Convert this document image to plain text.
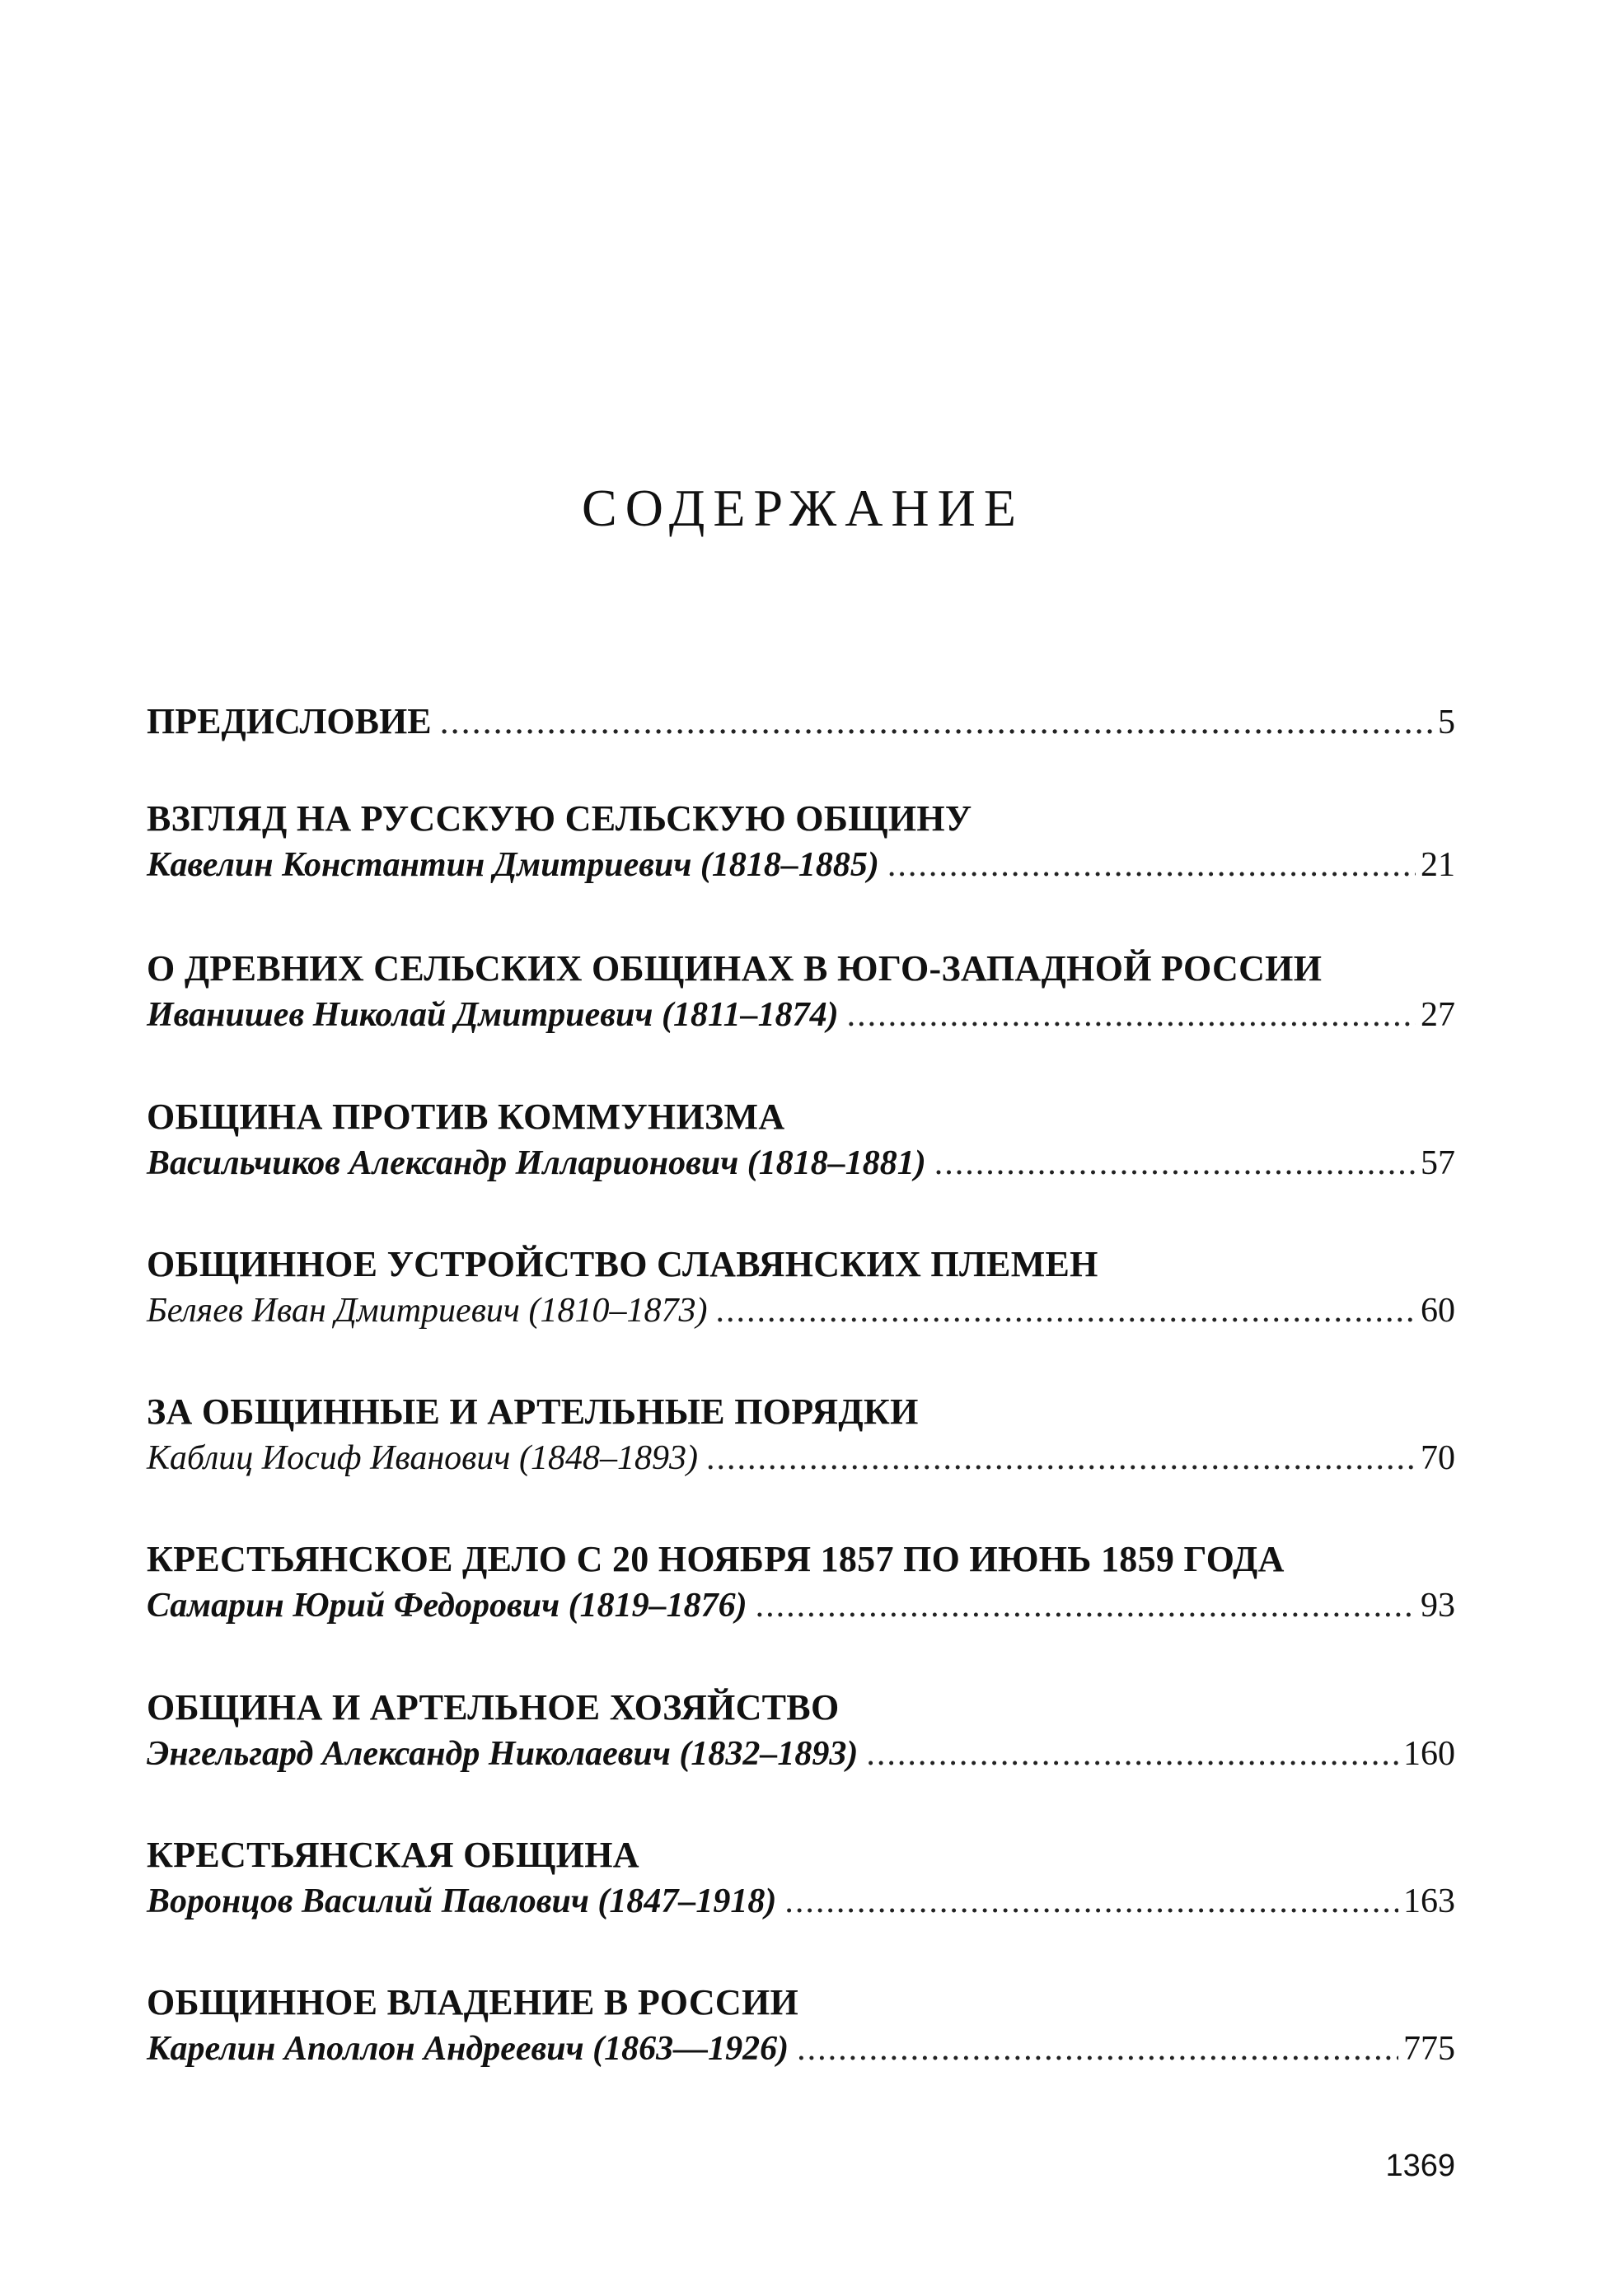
СОДЕРЖАНИЕ
ПРЕДИСЛОВИЕ .....	5
ВЗГЛЯД НА РУССКУЮ СЕЛЬСКУЮ ОБЩИНУ
Кавелин Константин Дмитриевич (1818–1885) .....	21
О ДРЕВНИХ СЕЛЬСКИХ ОБЩИНАХ В ЮГО-ЗАПАДНОЙ РОССИИ
Иванишев Николай Дмитриевич (1811–1874) .....	27
ОБЩИНА ПРОТИВ КОММУНИЗМА
Васильчиков Александр Илларионович (1818–1881) .....	57
ОБЩИННОЕ УСТРОЙСТВО СЛАВЯНСКИХ ПЛЕМЕН
Беляев Иван Дмитриевич (1810–1873) .....	60
ЗА ОБЩИННЫЕ И АРТЕЛЬНЫЕ ПОРЯДКИ
Каблиц Иосиф Иванович (1848–1893) .....	70
КРЕСТЬЯНСКОЕ ДЕЛО С 20 НОЯБРЯ 1857 ПО ИЮНЬ 1859 ГОДА
Самарин Юрий Федорович (1819–1876) .....	93
ОБЩИНА И АРТЕЛЬНОЕ ХОЗЯЙСТВО
Энгельгард Александр Николаевич (1832–1893) .....	160
КРЕСТЬЯНСКАЯ ОБЩИНА
Воронцов Василий Павлович (1847–1918) .....	163
ОБЩИННОЕ ВЛАДЕНИЕ В РОССИИ
Карелин Аполлон Андреевич (1863—1926) .....	775
1369
